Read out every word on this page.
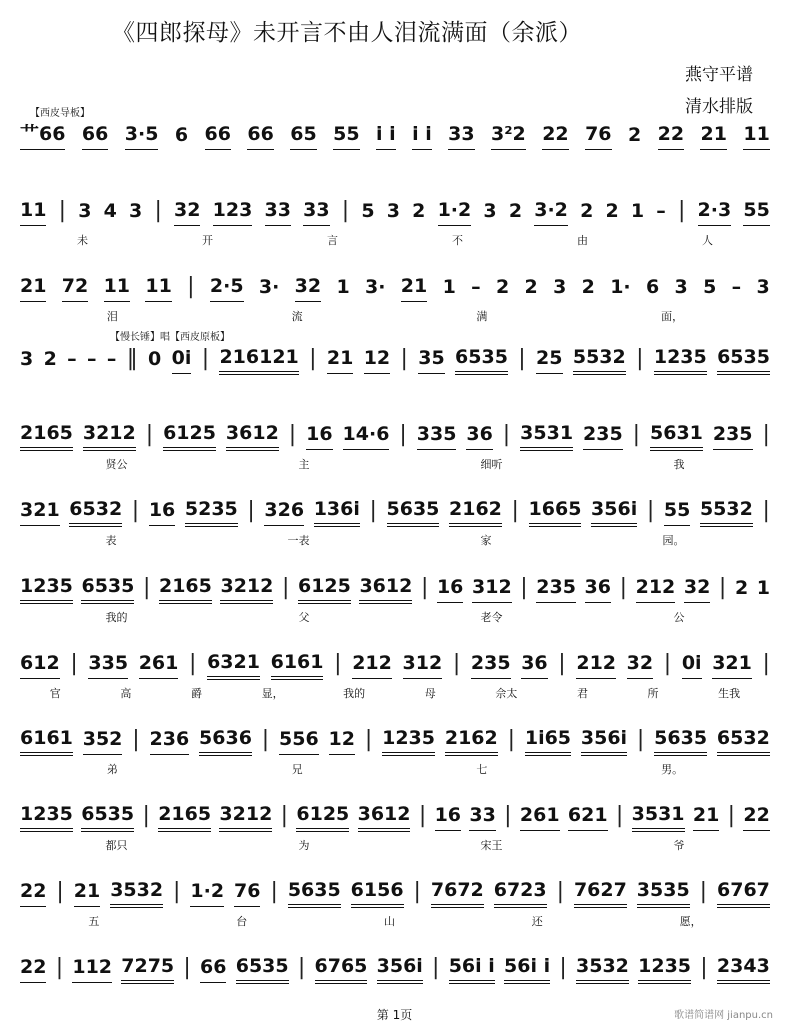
《四郎探母》未开言不由人泪流满面（余派）
燕守平谱
清水排版
【西皮导板】
艹66 66 3·5 6 66 66 65 55 i i i i 33 3²2 22 76 2 22 21 11
11 | 3 4 3 | 32 123 33 33 | 5 3 2 1·2 3 2 3·2 2 2 1 – | 2·3 55
未	开	言	不	由	人
21 72 11 11 | 2·5 3· 32 1 3· 21 1 – 2 2 3 2 1· 6 3 5 – 3
泪	流	满	面，
【慢长锤】唱【西皮原板】
3 2 – – – ‖ 0 0i | 216121 | 21 12 | 35 6535 | 25 5532 | 1235 6535
2165 3212 | 6125 3612 | 16 14·6 | 335 36 | 3531 235 | 5631 235 |
贤公	主	细听	我
321 6532 | 16 5235 | 326 136i | 5635 2162 | 1665 356i | 55 5532 |
表	一表	家	园。
1235 6535 | 2165 3212 | 6125 3612 | 16 312 | 235 36 | 212 32 | 2 1
我的	父	老令	公
612 | 335 261 | 6321 6161 | 212 312 | 235 36 | 212 32 | 0i 321 |
官	高	爵	显，	我的	母	佘太	君	所	生我
6161 352 | 236 5636 | 556 12 | 1235 2162 | 1i65 356i | 5635 6532
弟	兄	七	男。
1235 6535 | 2165 3212 | 6125 3612 | 16 33 | 261 621 | 3531 21 | 22
都只	为	宋王	爷
22 | 21 3532 | 1·2 76 | 5635 6156 | 7672 6723 | 7627 3535 | 6767
五	台	山	还	愿，
22 | 112 7275 | 66 6535 | 6765 356i | 56i i 56i i | 3532 1235 | 2343
第 1页	歌谱简谱网 jianpu.cn
